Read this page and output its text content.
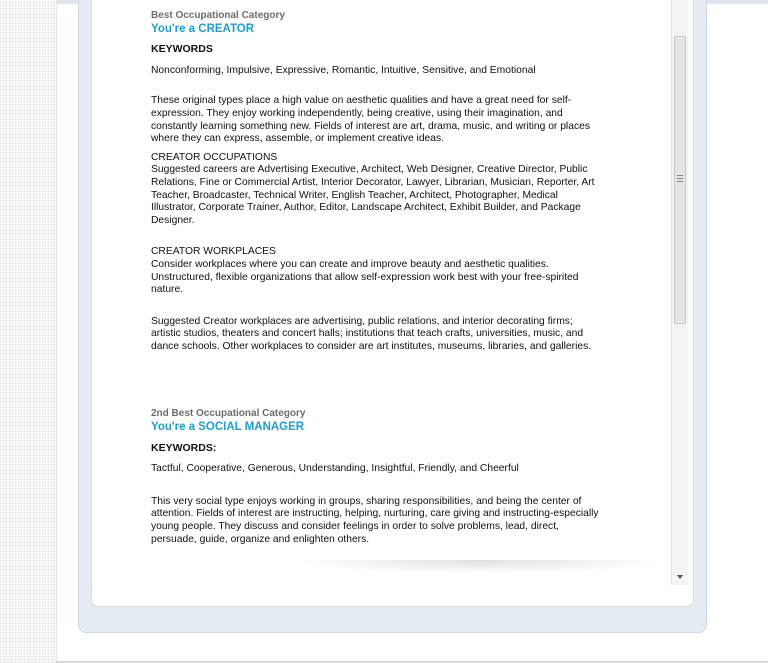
Best Occupational Category

You're a CREATOR

KEYWORDS

Nonconforming, Impulsive, Expressive, Romantic, Intuitive, Sensitive, and Emotional

These original types place a high value on aesthetic qualities and have a great need for self-expression. They enjoy working independently, being creative, using their imagination, and constantly learning something new. Fields of interest are art, drama, music, and writing or places where they can express, assemble, or implement creative ideas.

CREATOR OCCUPATIONS

Suggested careers are Advertising Executive, Architect, Web Designer, Creative Director, Public Relations, Fine or Commercial Artist, Interior Decorator, Lawyer, Librarian, Musician, Reporter, Art Teacher, Broadcaster, Technical Writer, English Teacher, Architect, Photographer, Medical Illustrator, Corporate Trainer, Author, Editor, Landscape Architect, Exhibit Builder, and Package Designer.

CREATOR WORKPLACES

Consider workplaces where you can create and improve beauty and aesthetic qualities. Unstructured, flexible organizations that allow self-expression work best with your free-spirited nature.

Suggested Creator workplaces are advertising, public relations, and interior decorating firms; artistic studios, theaters and concert halls; institutions that teach crafts, universities, music, and dance schools. Other workplaces to consider are art institutes, museums, libraries, and galleries.

2nd Best Occupational Category

You're a SOCIAL MANAGER

KEYWORDS:

Tactful, Cooperative, Generous, Understanding, Insightful, Friendly, and Cheerful

This very social type enjoys working in groups, sharing responsibilities, and being the center of attention. Fields of interest are instructing, helping, nurturing, care giving and instructing-especially young people. They discuss and consider feelings in order to solve problems, lead, direct, persuade, guide, organize and enlighten others.
